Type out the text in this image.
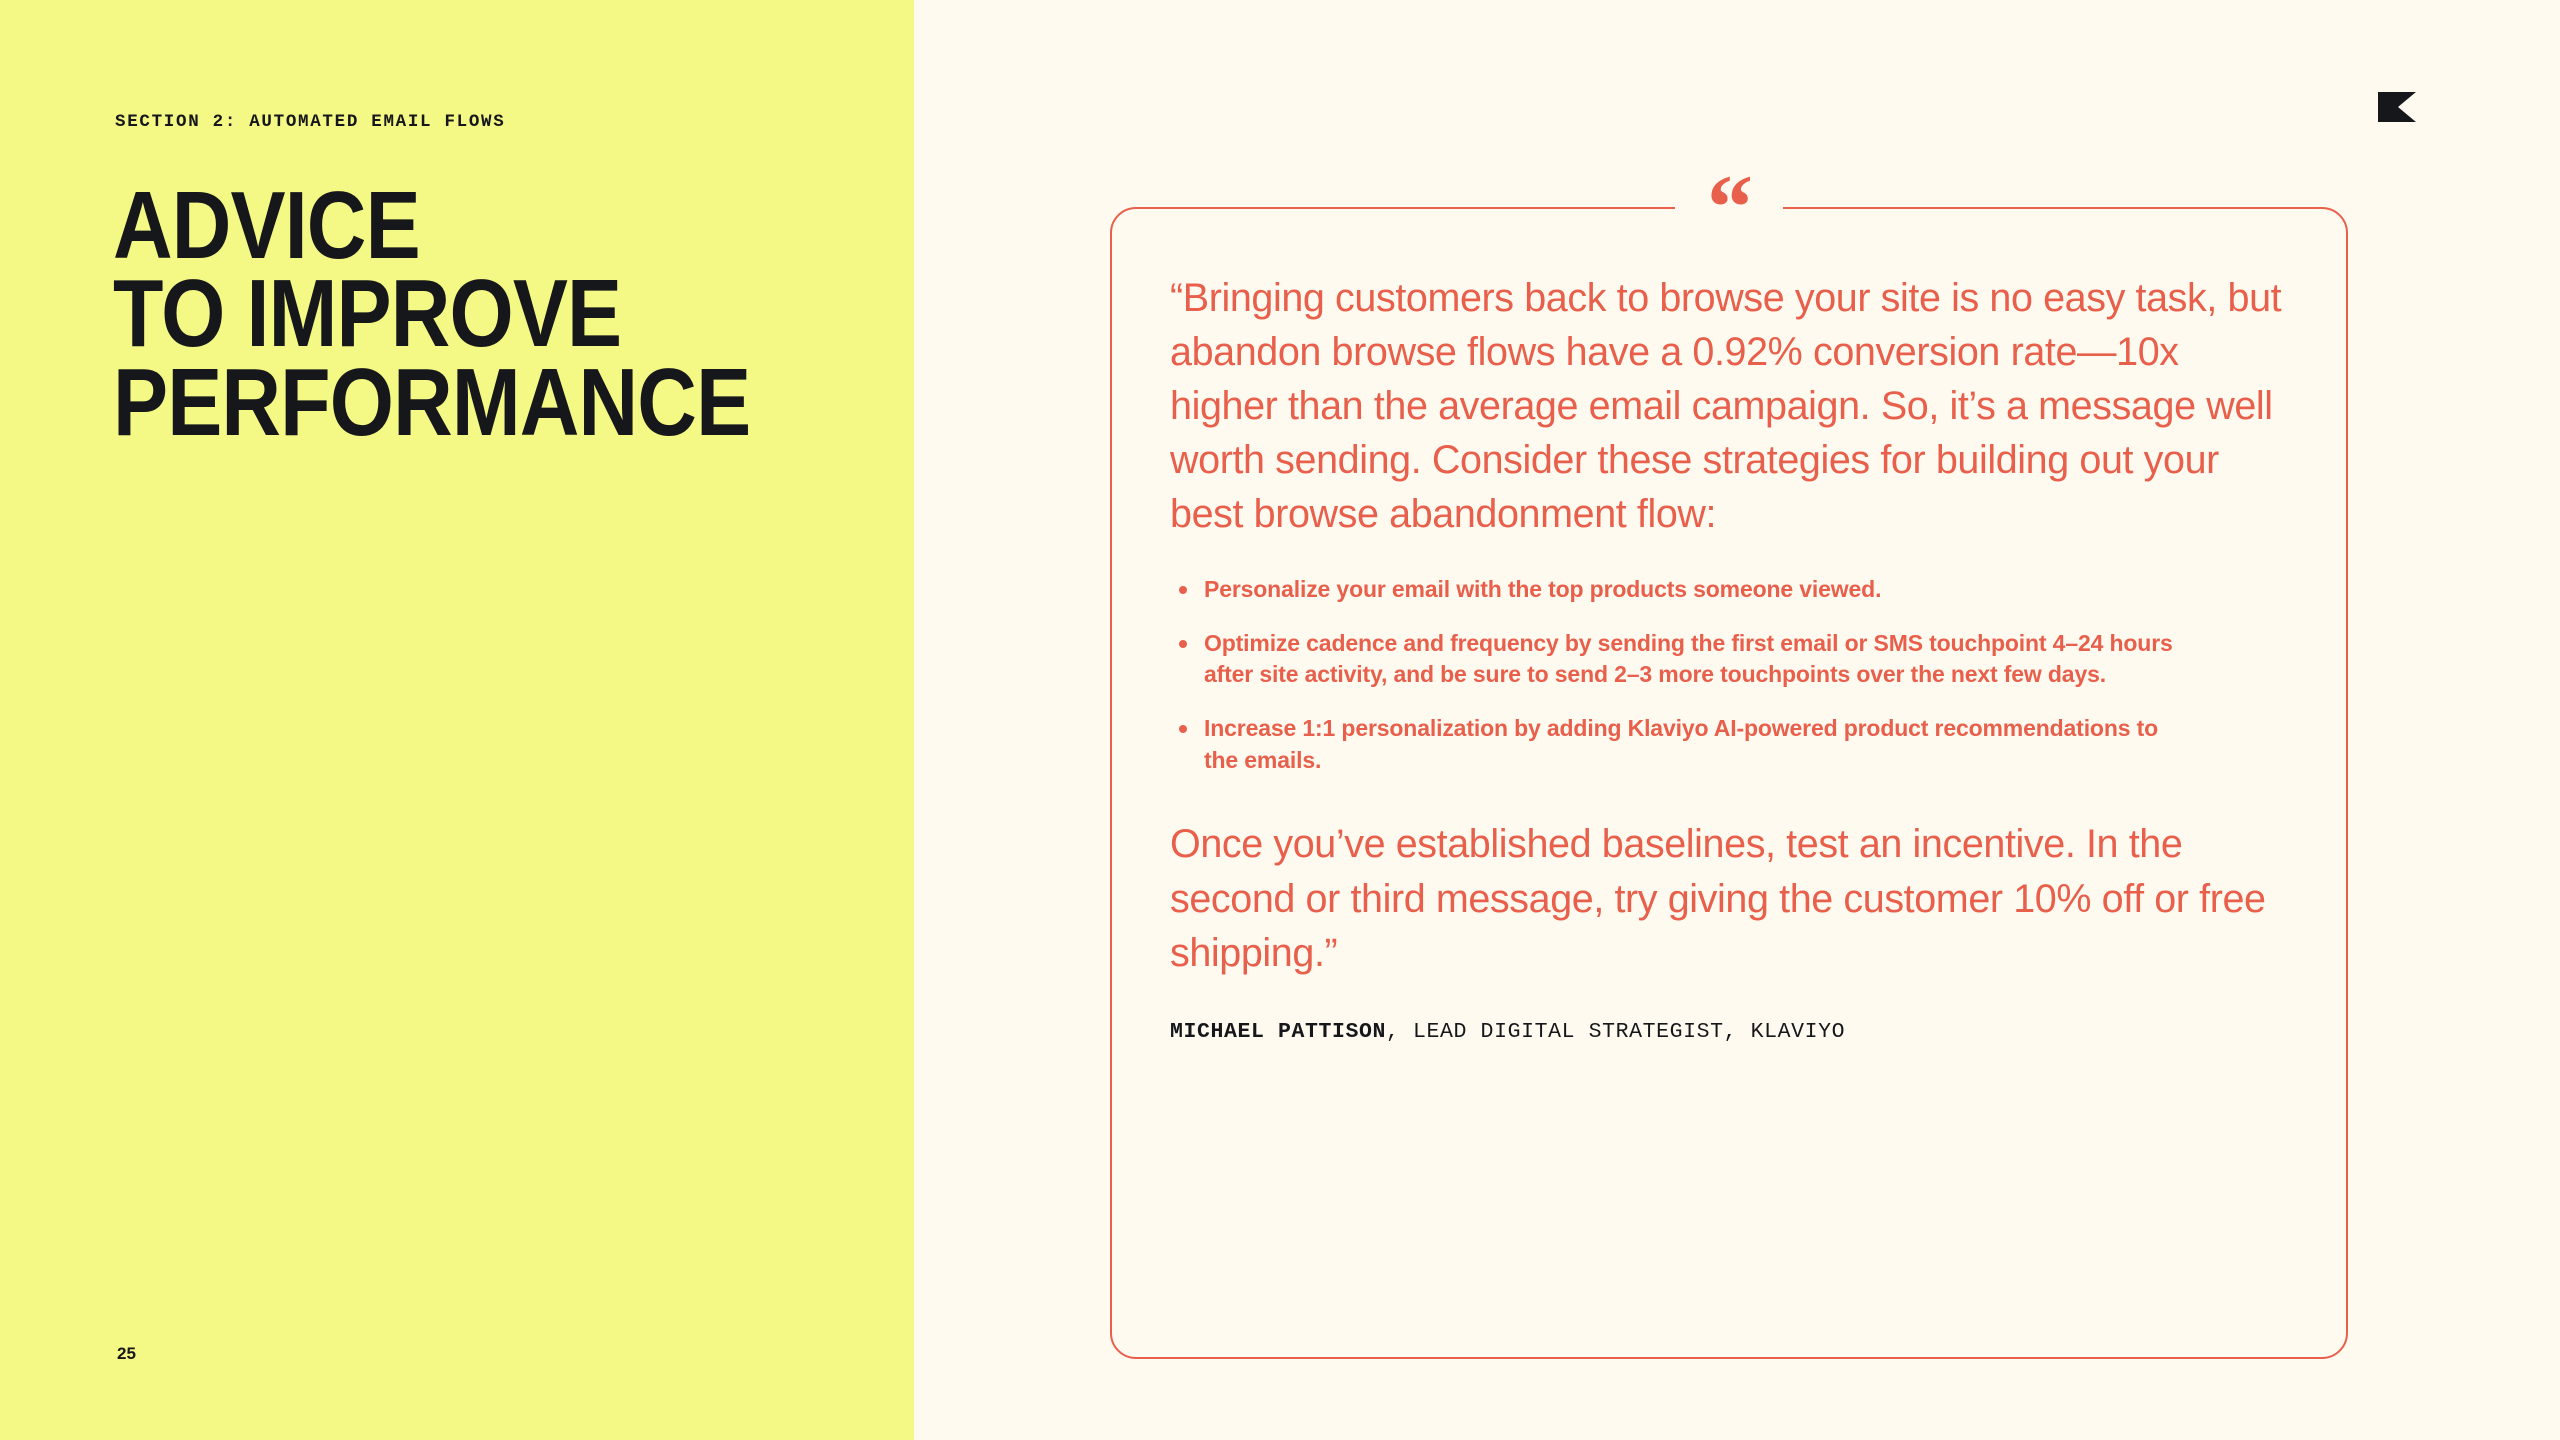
SECTION 2: AUTOMATED EMAIL FLOWS
ADVICE
TO IMPROVE
PERFORMANCE
25
“

“Bringing customers back to browse your site is no easy task, but abandon browse flows have a 0.92% conversion rate—10x higher than the average email campaign. So, it’s a message well worth sending. Consider these strategies for building out your best browse abandonment flow:

Personalize your email with the top products someone viewed.
Optimize cadence and frequency by sending the first email or SMS touchpoint 4–24 hours after site activity, and be sure to send 2–3 more touchpoints over the next few days.
Increase 1:1 personalization by adding Klaviyo AI-powered product recommendations to the emails.

Once you’ve established baselines, test an incentive. In the second or third message, try giving the customer 10% off or free shipping.”

MICHAEL PATTISON, LEAD DIGITAL STRATEGIST, KLAVIYO
